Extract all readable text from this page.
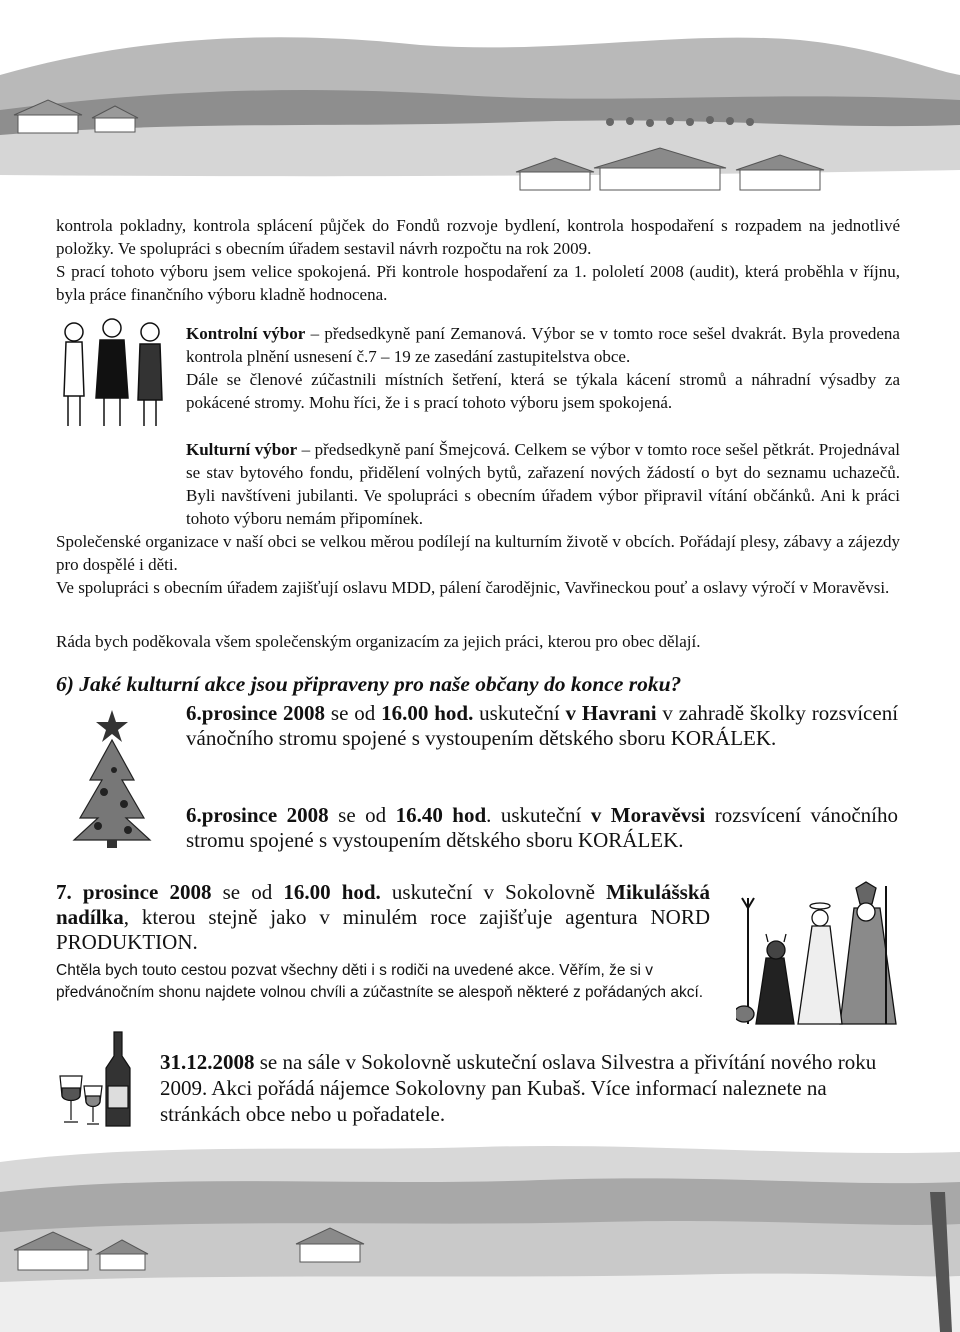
kontrola pokladny, kontrola splácení půjček do Fondů rozvoje bydlení, kontrola hospodaření s rozpadem na jednotlivé položky. Ve spolupráci s obecním úřadem sestavil návrh rozpočtu na rok 2009.

S prací tohoto výboru jsem velice spokojená. Při kontrole hospodaření za 1. pololetí 2008 (audit), která proběhla v říjnu, byla práce finančního výboru kladně hodnocena.

Kontrolní výbor – předsedkyně paní Zemanová. Výbor se v tomto roce sešel dvakrát. Byla provedena kontrola plnění usnesení č.7 – 19 ze zasedání zastupitelstva obce.

Dále se členové zúčastnili místních šetření, která se týkala kácení stromů a náhradní výsadby za pokácené stromy. Mohu říci, že i s prací tohoto výboru jsem spokojená.

Kulturní výbor – předsedkyně paní Šmejcová. Celkem se výbor v tomto roce sešel pětkrát. Projednával se stav bytového fondu, přidělení volných bytů, zařazení nových žádostí o byt do seznamu uchazečů. Byli navštíveni jubilanti. Ve spolupráci s obecním úřadem výbor připravil vítání občánků. Ani k práci tohoto výboru nemám připomínek.

Společenské organizace v naší obci se velkou měrou podílejí na kulturním životě v obcích. Pořádají plesy, zábavy a zájezdy pro dospělé i děti.

Ve spolupráci s obecním úřadem zajišťují oslavu MDD, pálení čarodějnic, Vavřineckou pouť a oslavy výročí v Moravěvsi.

Ráda bych poděkovala všem společenským organizacím za jejich práci, kterou pro obec dělají.

6) Jaké kulturní akce jsou připraveny pro naše občany do konce roku?

6.prosince 2008 se od 16.00 hod. uskuteční v Havrani v zahradě školky rozsvícení vánočního stromu spojené s vystoupením dětského sboru KORÁLEK.

6.prosince 2008 se od 16.40 hod. uskuteční v Moravěvsi rozsvícení vánočního stromu spojené s vystoupením dětského sboru KORÁLEK.

7. prosince 2008 se od 16.00 hod. uskuteční v Sokolovně Mikulášská nadílka, kterou stejně jako v minulém roce zajišťuje agentura NORD PRODUKTION.

Chtěla bych touto cestou pozvat všechny děti i s rodiči na uvedené akce. Věřím, že si v předvánočním shonu najdete volnou chvíli a zúčastníte se alespoň některé z pořádaných akcí.

31.12.2008 se na sále v Sokolovně uskuteční oslava Silvestra a přivítání nového roku 2009. Akci pořádá nájemce Sokolovny pan Kubaš. Více informací naleznete na stránkách obce nebo u pořadatele.
